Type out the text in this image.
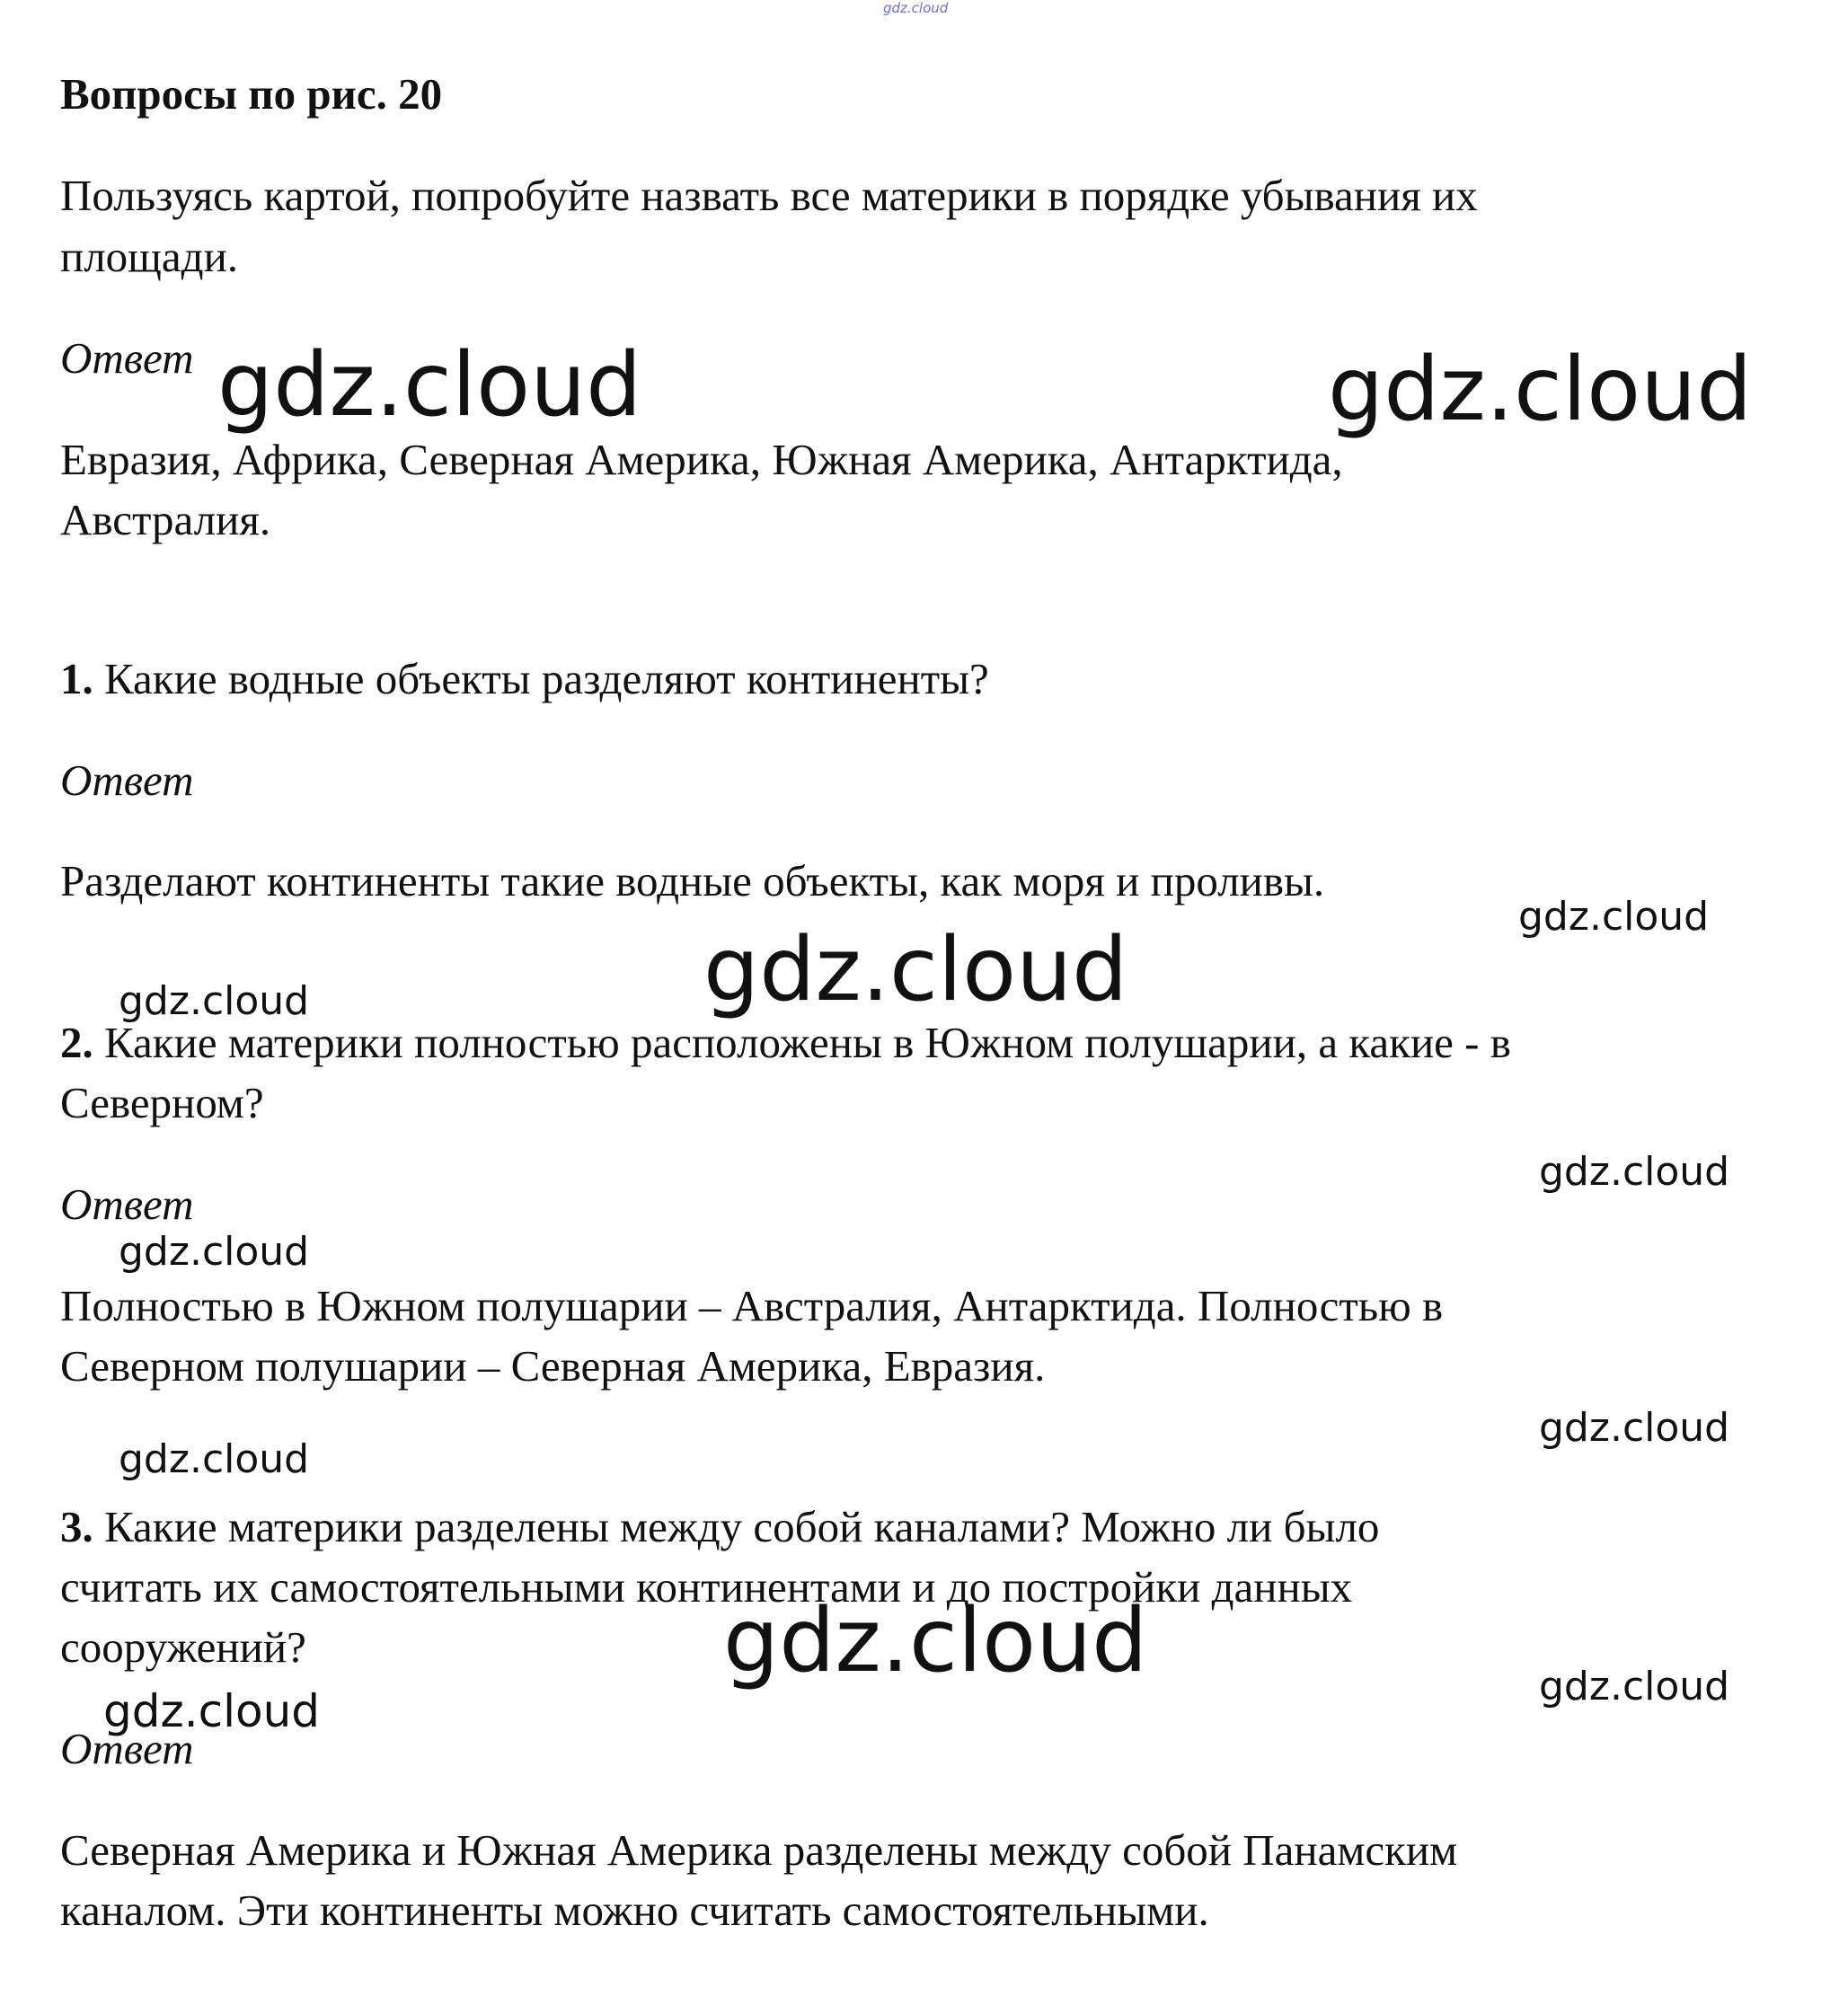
gdz.cloud
Вопросы по рис. 20
Пользуясь картой, попробуйте назвать все материки в порядке убывания их
площади.
Ответ
Евразия, Африка, Северная Америка, Южная Америка, Антарктида,
Австралия.
1. Какие водные объекты разделяют континенты?
Ответ
Разделают континенты такие водные объекты, как моря и проливы.
2. Какие материки полностью расположены в Южном полушарии, а какие - в
Северном?
Ответ
Полностью в Южном полушарии – Австралия, Антарктида. Полностью в
Северном полушарии – Северная Америка, Евразия.
3. Какие материки разделены между собой каналами? Можно ли было
считать их самостоятельными континентами и до постройки данных
сооружений?
Ответ
Северная Америка и Южная Америка разделены между собой Панамским
каналом. Эти континенты можно считать самостоятельными.
gdz.cloud	gdz.cloud
gdz.cloud
gdz.cloud
gdz.cloud
gdz.cloud
gdz.cloud
gdz.cloud
gdz.cloud
gdz.cloud	gdz.cloud
gdz.cloud
